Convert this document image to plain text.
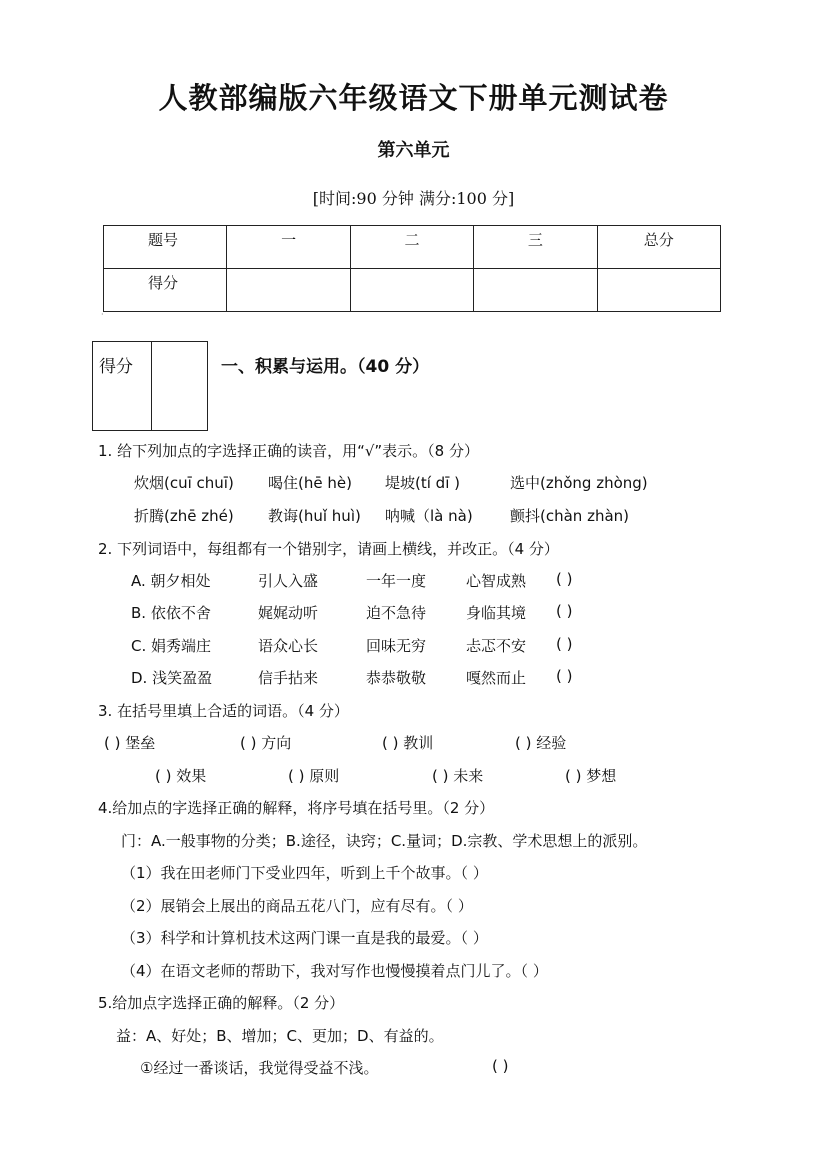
人教部编版六年级语文下册单元测试卷
第六单元
[时间:90 分钟 满分:100 分]
题号	一	二	三	总分
得分				
·
得分		一、积累与运用。（40 分）
1. 给下列加点的字选择正确的读音，用“√”表示。（8 分）
炊烟(cuī chuī) 喝住(hē hè) 堤坡(tí dī )	选中(zhǒng zhòng)
折腾(zhē zhé) 教诲(huǐ huì) 呐喊（là nà) 颤抖(chàn zhàn)
2. 下列词语中，每组都有一个错别字，请画上横线，并改正。（4 分）
A. 朝夕相处	引人入盛	一年一度	心智成熟 ( )
B. 依依不舍	娓娓动听	迫不急待	身临其境 ( )
C. 娟秀端庄	语众心长	回味无穷	忐忑不安 ( )
D. 浅笑盈盈	信手拈来	恭恭敬敬	嘎然而止 ( )
3. 在括号里填上合适的词语。（4 分）
( ) 堡垒	( ) 方向	( ) 教训	( ) 经验
( ) 效果	( ) 原则	( ) 未来	( ) 梦想
4.给加点的字选择正确的解释，将序号填在括号里。（2 分）
门：A.一般事物的分类；B.途径，诀窍；C.量词；D.宗教、学术思想上的派别。
（1）我在田老师门下受业四年，听到上千个故事。（ ）
（2）展销会上展出的商品五花八门，应有尽有。（ ）
（3）科学和计算机技术这两门课一直是我的最爱。（ ）
（4）在语文老师的帮助下，我对写作也慢慢摸着点门儿了。（ ）
5.给加点字选择正确的解释。（2 分）
益：A、好处；B、增加；C、更加；D、有益的。
①经过一番谈话，我觉得受益不浅。	( )
